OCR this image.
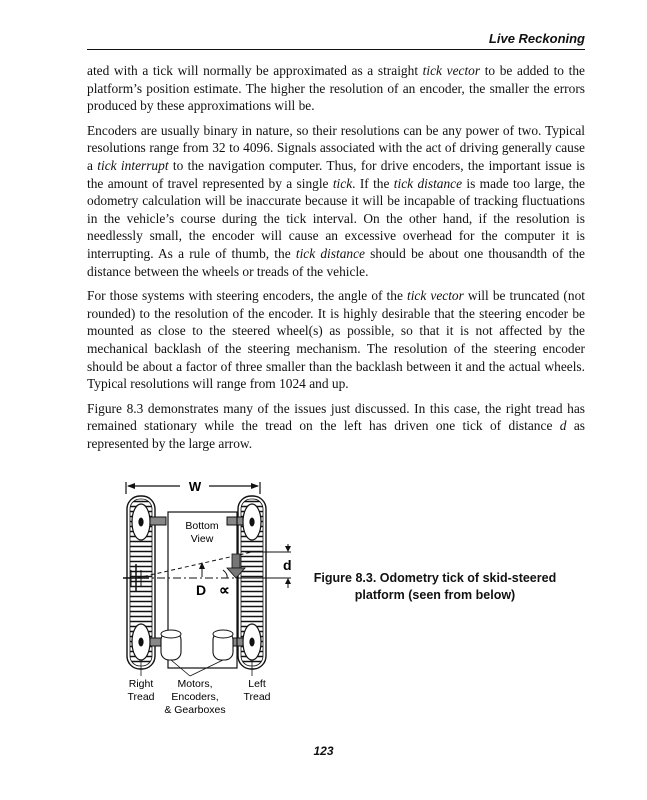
Live Reckoning

ated with a tick will normally be approximated as a straight tick vector to be added to the platform’s position estimate. The higher the resolution of an encoder, the smaller the errors produced by these approximations will be.

Encoders are usually binary in nature, so their resolutions can be any power of two. Typical resolutions range from 32 to 4096. Signals associated with the act of driving generally cause a tick interrupt to the navigation computer. Thus, for drive encoders, the important issue is the amount of travel represented by a single tick. If the tick distance is made too large, the odometry calculation will be inaccurate because it will be incapable of tracking fluctuations in the vehicle’s course during the tick interval. On the other hand, if the resolution is needlessly small, the encoder will cause an excessive overhead for the computer it is interrupting. As a rule of thumb, the tick distance should be about one thousandth of the distance between the wheels or treads of the vehicle.

For those systems with steering encoders, the angle of the tick vector will be truncated (not rounded) to the resolution of the encoder. It is highly desirable that the steering encoder be mounted as close to the steered wheel(s) as possible, so that it is not affected by the mechanical backlash of the steering mechanism. The resolution of the steering encoder should be about a factor of three smaller than the backlash between it and the actual wheels. Typical resolutions will range from 1024 and up.

Figure 8.3 demonstrates many of the issues just discussed. In this case, the right tread has remained stationary while the tread on the left has driven one tick of distance d as represented by the large arrow.

W
Bottom
View
d
D ∝
Right
Tread
Motors,
Encoders,
& Gearboxes
Left
Tread
Figure 8.3. Odometry tick of skid-steered
platform (seen from below)
123
